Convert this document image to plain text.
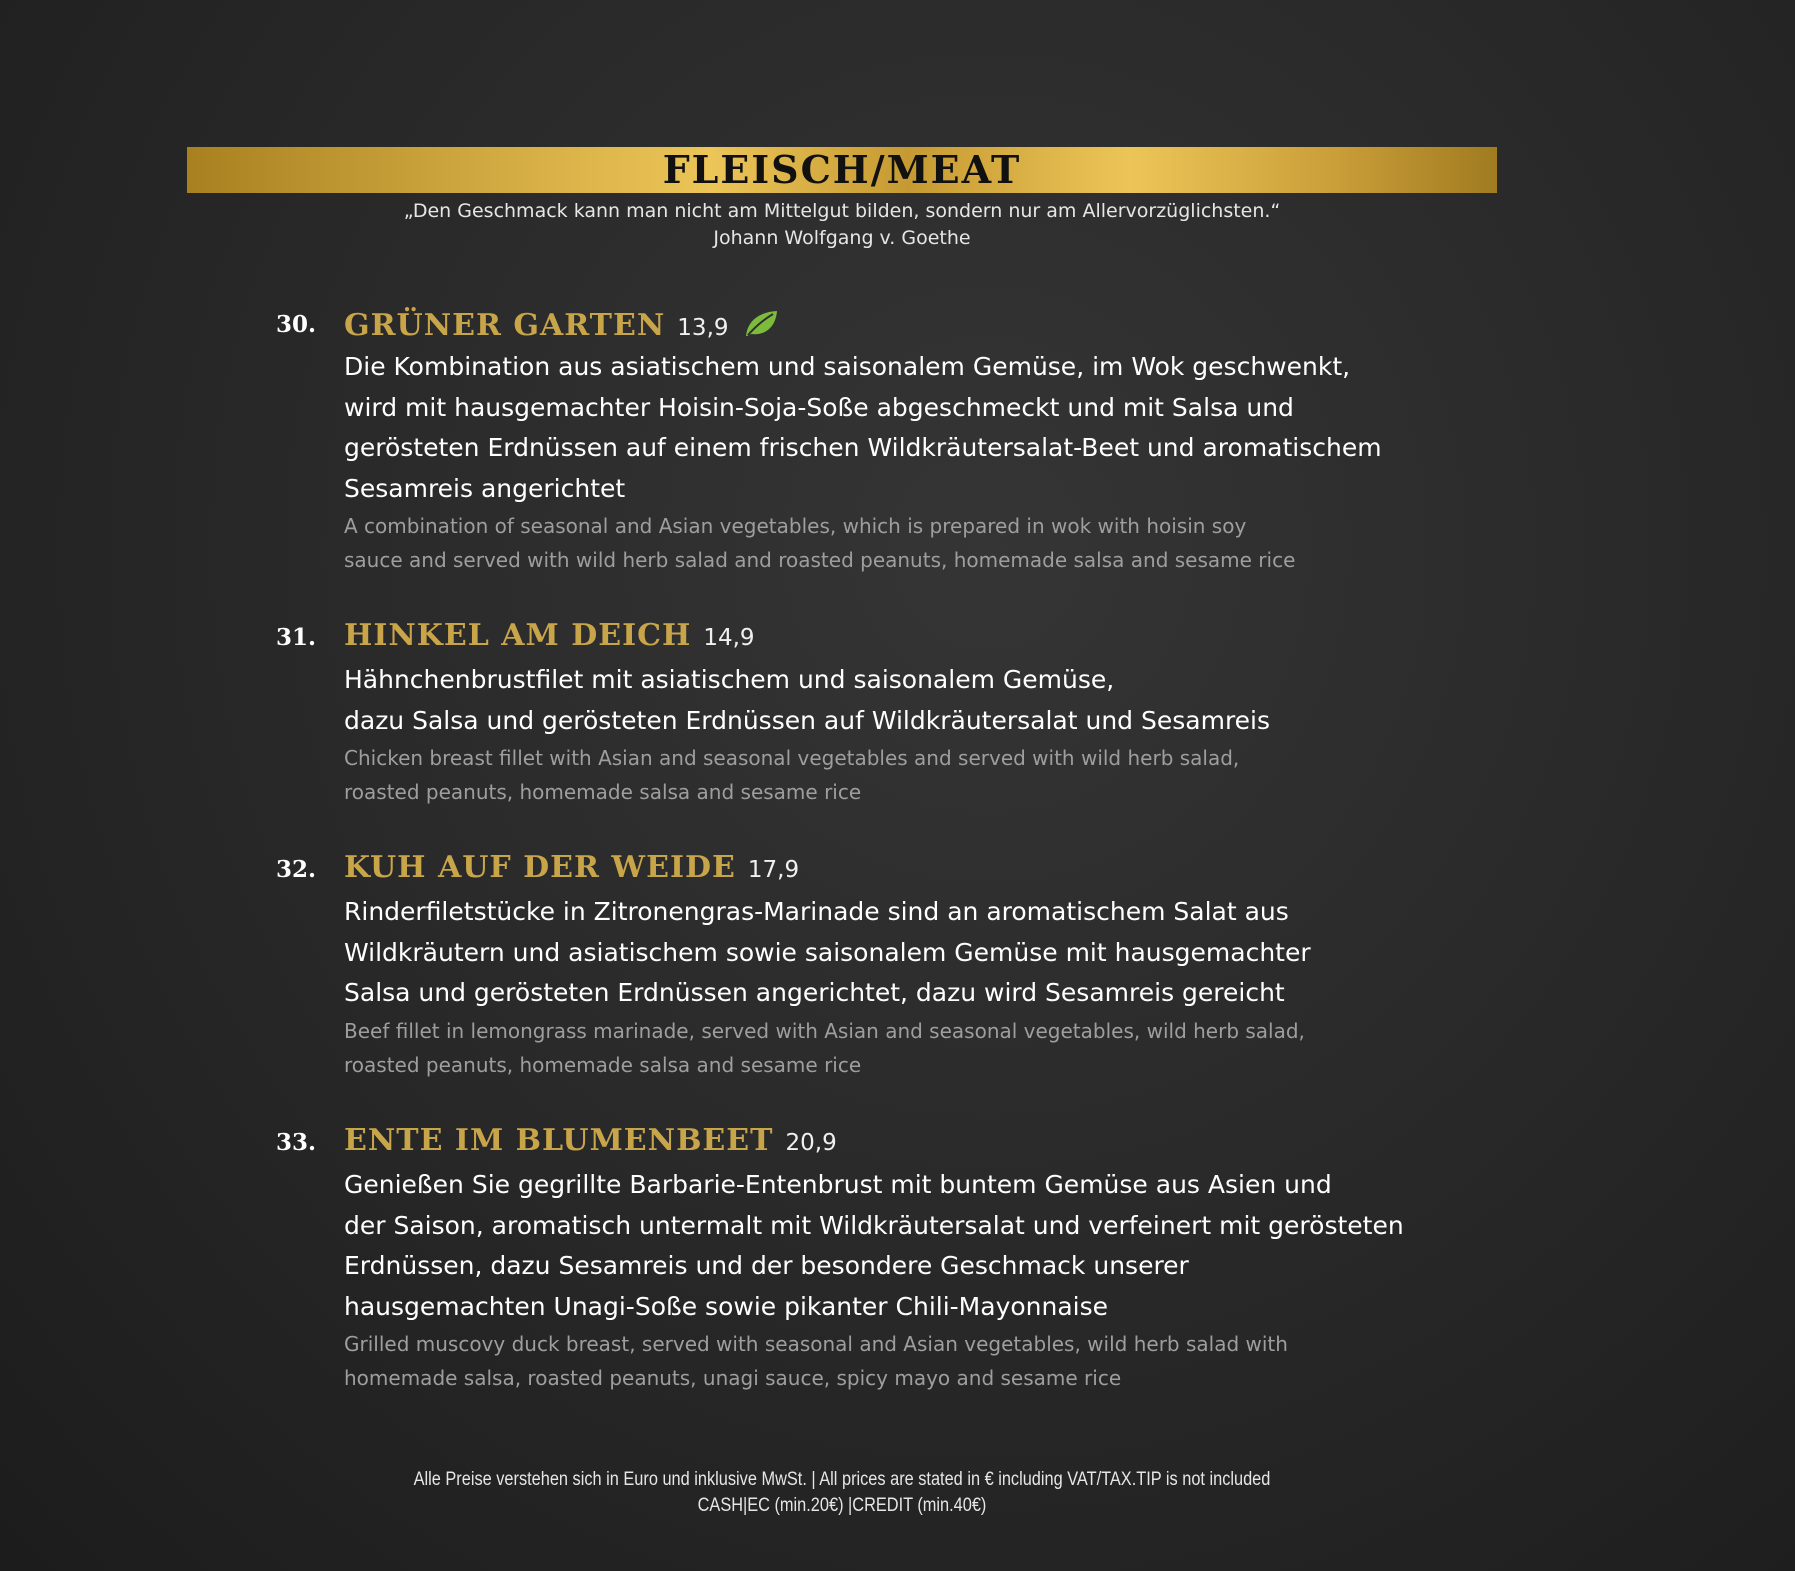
FLEISCH/MEAT
„Den Geschmack kann man nicht am Mittelgut bilden, sondern nur am Allervorzüglichsten.“
Johann Wolfgang v. Goethe
30. GRÜNER GARTEN 13,9
Die Kombination aus asiatischem und saisonalem Gemüse, im Wok geschwenkt,
wird mit hausgemachter Hoisin-Soja-Soße abgeschmeckt und mit Salsa und
gerösteten Erdnüssen auf einem frischen Wildkräutersalat-Beet und aromatischem
Sesamreis angerichtet
A combination of seasonal and Asian vegetables, which is prepared in wok with hoisin soy
sauce and served with wild herb salad and roasted peanuts, homemade salsa and sesame rice
31. HINKEL AM DEICH 14,9
Hähnchenbrustfilet mit asiatischem und saisonalem Gemüse,
dazu Salsa und gerösteten Erdnüssen auf Wildkräutersalat und Sesamreis
Chicken breast fillet with Asian and seasonal vegetables and served with wild herb salad,
roasted peanuts, homemade salsa and sesame rice
32. KUH AUF DER WEIDE 17,9
Rinderfiletstücke in Zitronengras-Marinade sind an aromatischem Salat aus
Wildkräutern und asiatischem sowie saisonalem Gemüse mit hausgemachter
Salsa und gerösteten Erdnüssen angerichtet, dazu wird Sesamreis gereicht
Beef fillet in lemongrass marinade, served with Asian and seasonal vegetables, wild herb salad,
roasted peanuts, homemade salsa and sesame rice
33. ENTE IM BLUMENBEET 20,9
Genießen Sie gegrillte Barbarie-Entenbrust mit buntem Gemüse aus Asien und
der Saison, aromatisch untermalt mit Wildkräutersalat und verfeinert mit gerösteten
Erdnüssen, dazu Sesamreis und der besondere Geschmack unserer
hausgemachten Unagi-Soße sowie pikanter Chili-Mayonnaise
Grilled muscovy duck breast, served with seasonal and Asian vegetables, wild herb salad with
homemade salsa, roasted peanuts, unagi sauce, spicy mayo and sesame rice
Alle Preise verstehen sich in Euro und inklusive MwSt. | All prices are stated in € including VAT/TAX.TIP is not included
CASH|EC (min.20€) |CREDIT (min.40€)
